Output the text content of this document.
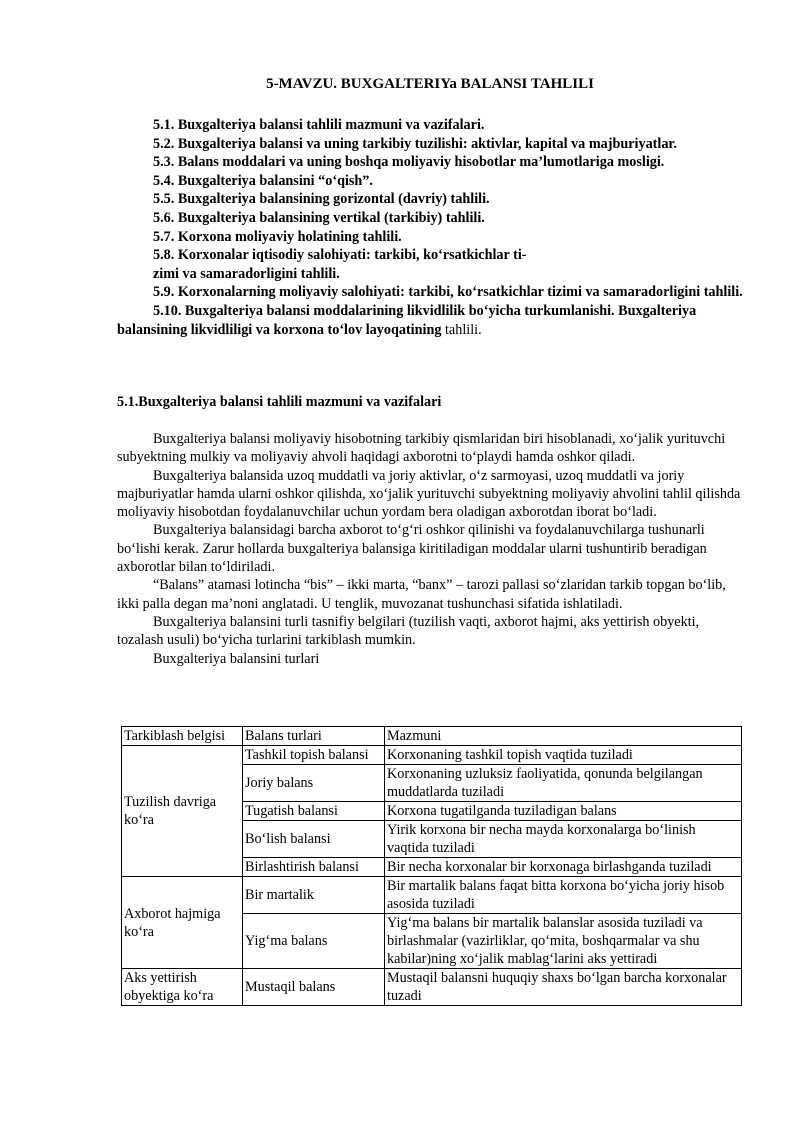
5-MAVZU. BUXGALTERIYa BALANSI TAHLILI

5.1. Buxgalteriya balansi tahlili mazmuni va vazifalari.

5.2. Buxgalteriya balansi va uning tarkibiy tuzilishi: aktivlar, kapital va majburiyatlar.

5.3. Balans moddalari va uning boshqa moliyaviy hisobotlar ma’lumotlariga mosligi.

5.4. Buxgalteriya balansini “o‘qish”.

5.5. Buxgalteriya balansining gorizontal (davriy) tahlili.

5.6. Buxgalteriya balansining vertikal (tarkibiy) tahlili.

5.7. Korxona moliyaviy holatining tahlili.

5.8. Korxonalar iqtisodiy salohiyati: tarkibi, ko‘rsatkichlar ti-

zimi va samaradorligini tahlili.

5.9. Korxonalarning moliyaviy salohiyati: tarkibi, ko‘rsatkichlar tizimi va samaradorligini tahlili.

5.10. Buxgalteriya balansi moddalarining likvidlilik bo‘yicha turkumlanishi. Buxgalteriya balansining likvidliligi va korxona to‘lov layoqatining tahlili.

5.1.Buxgalteriya balansi tahlili mazmuni va vazifalari

Buxgalteriya balansi moliyaviy hisobotning tarkibiy qismlaridan biri hisoblanadi, xo‘jalik yurituvchi subyektning mulkiy va moliyaviy ahvoli haqidagi axborotni to‘playdi hamda oshkor qiladi.

Buxgalteriya balansida uzoq muddatli va joriy aktivlar, o‘z sarmoyasi, uzoq muddatli va joriy majburiyatlar hamda ularni oshkor qilishda, xo‘jalik yurituvchi subyektning moliyaviy ahvolini tahlil qilishda moliyaviy hisobotdan foydalanuvchilar uchun yordam bera oladigan axborotdan iborat bo‘ladi.

Buxgalteriya balansidagi barcha axborot to‘g‘ri oshkor qilinishi va foydalanuvchilarga tushunarli bo‘lishi kerak. Zarur hollarda buxgalteriya balansiga kiritiladigan moddalar ularni tushuntirib beradigan axborotlar bilan to‘ldiriladi.

“Balans” atamasi lotincha “bis” – ikki marta, “banx” – tarozi pallasi so‘zlaridan tarkib topgan bo‘lib, ikki palla degan ma’noni anglatadi. U tenglik, muvozanat tushunchasi sifatida ishlatiladi.

Buxgalteriya balansini turli tasnifiy belgilari (tuzilish vaqti, axborot hajmi, aks yettirish obyekti, tozalash usuli) bo‘yicha turlarini tarkiblash mumkin.

Buxgalteriya balansini turlari

Tarkiblash belgisi	Balans turlari	Mazmuni
Tuzilish davriga ko‘ra	Tashkil topish balansi	Korxonaning tashkil topish vaqtida tuziladi
	Joriy balans	Korxonaning uzluksiz faoliyatida, qonunda belgilangan muddatlarda tuziladi
	Tugatish balansi	Korxona tugatilganda tuziladigan balans
	Bo‘lish balansi	Yirik korxona bir necha mayda korxonalarga bo‘linish vaqtida tuziladi
	Birlashtirish balansi	Bir necha korxonalar bir korxonaga birlashganda tuziladi
Axborot hajmiga ko‘ra	Bir martalik	Bir martalik balans faqat bitta korxona bo‘yicha joriy hisob asosida tuziladi
	Yig‘ma balans	Yig‘ma balans bir martalik balanslar asosida tuziladi va birlashmalar (vazirliklar, qo‘mita, boshqarmalar va shu kabilar)ning xo‘jalik mablag‘larini aks yettiradi
Aks yettirish obyektiga ko‘ra	Mustaqil balans	Mustaqil balansni huquqiy shaxs bo‘lgan barcha korxonalar tuzadi
